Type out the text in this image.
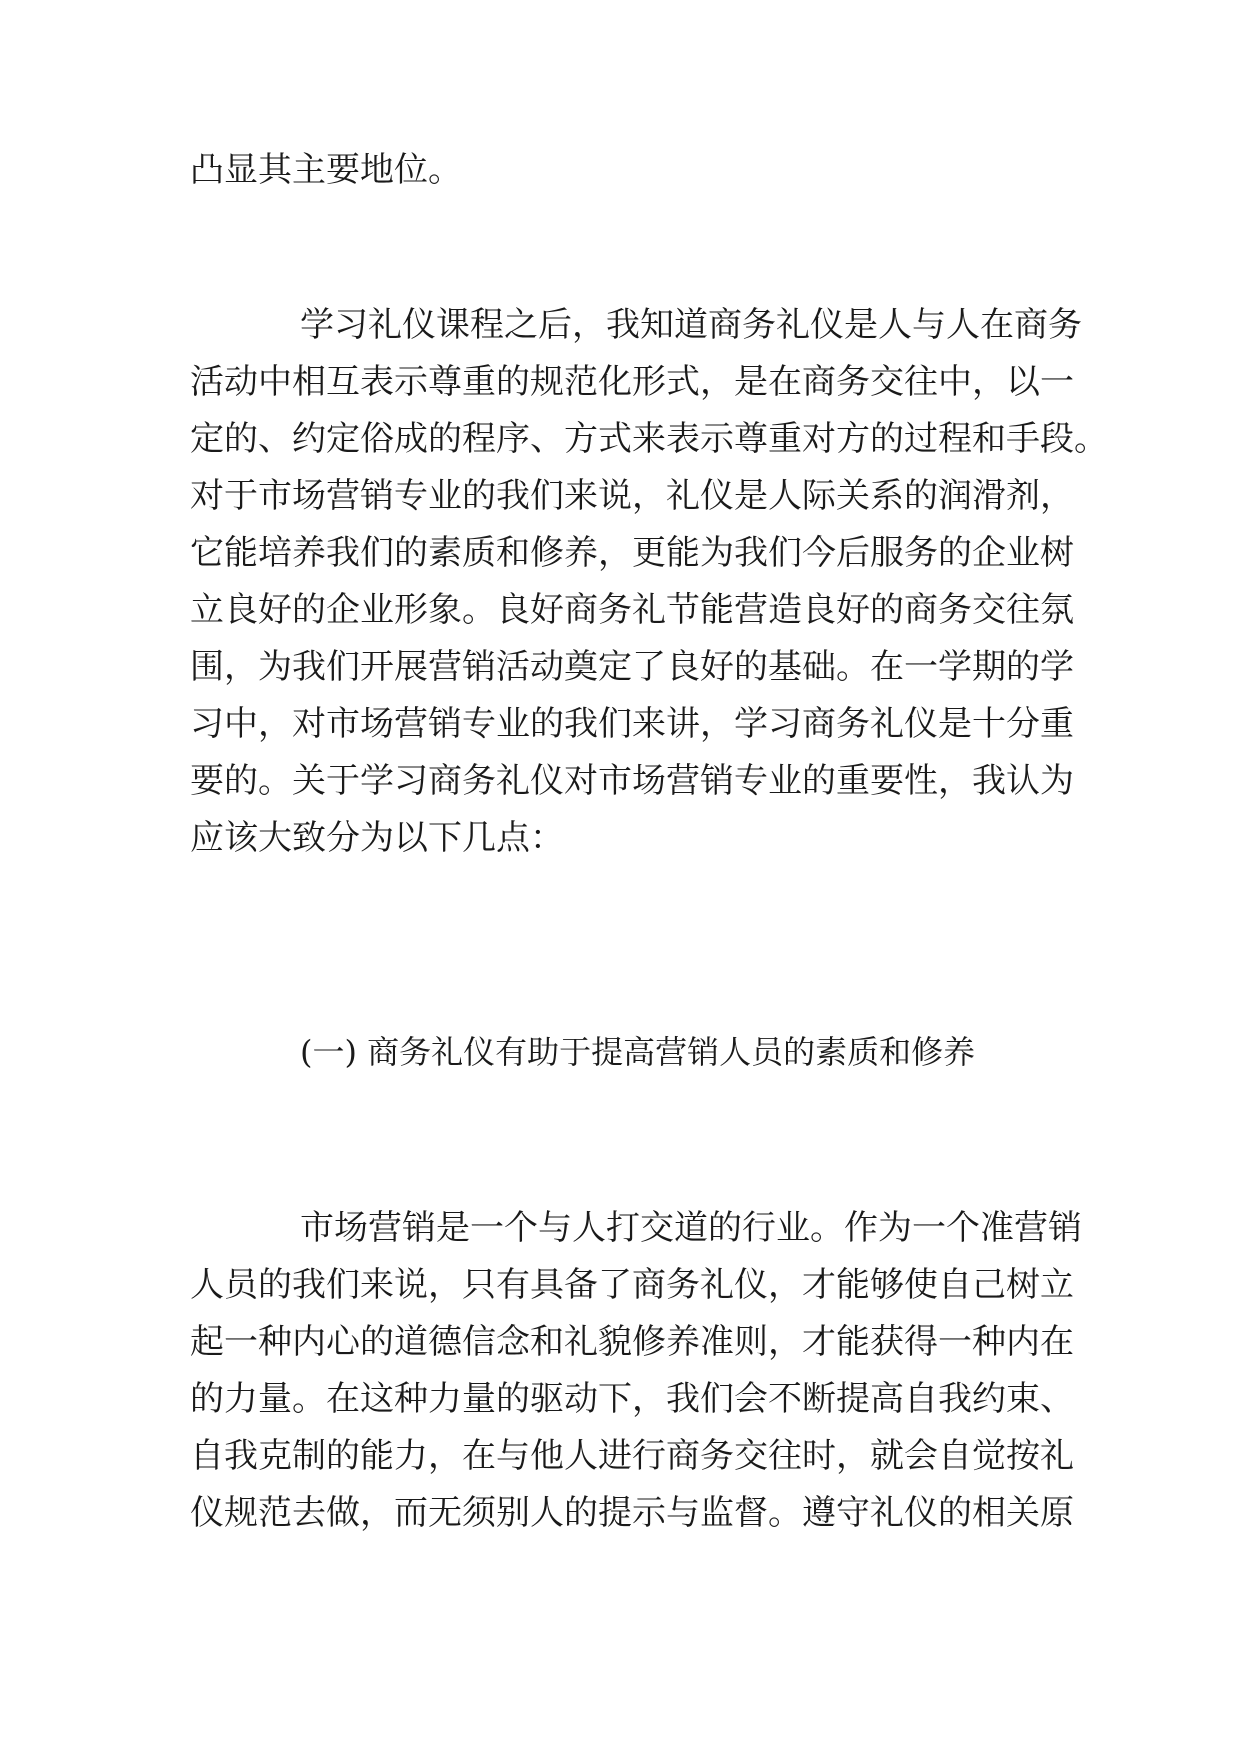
凸显其主要地位。

学习礼仪课程之后，我知道商务礼仪是人与人在商务

活动中相互表示尊重的规范化形式，是在商务交往中，以一

定的、约定俗成的程序、方式来表示尊重对方的过程和手段。

对于市场营销专业的我们来说，礼仪是人际关系的润滑剂，

它能培养我们的素质和修养，更能为我们今后服务的企业树

立良好的企业形象。良好商务礼节能营造良好的商务交往氛

围，为我们开展营销活动奠定了良好的基础。在一学期的学

习中，对市场营销专业的我们来讲，学习商务礼仪是十分重

要的。关于学习商务礼仪对市场营销专业的重要性，我认为

应该大致分为以下几点：

(一) 商务礼仪有助于提高营销人员的素质和修养

市场营销是一个与人打交道的行业。作为一个准营销

人员的我们来说，只有具备了商务礼仪，才能够使自己树立

起一种内心的道德信念和礼貌修养准则，才能获得一种内在

的力量。在这种力量的驱动下，我们会不断提高自我约束、

自我克制的能力，在与他人进行商务交往时，就会自觉按礼

仪规范去做，而无须别人的提示与监督。遵守礼仪的相关原
